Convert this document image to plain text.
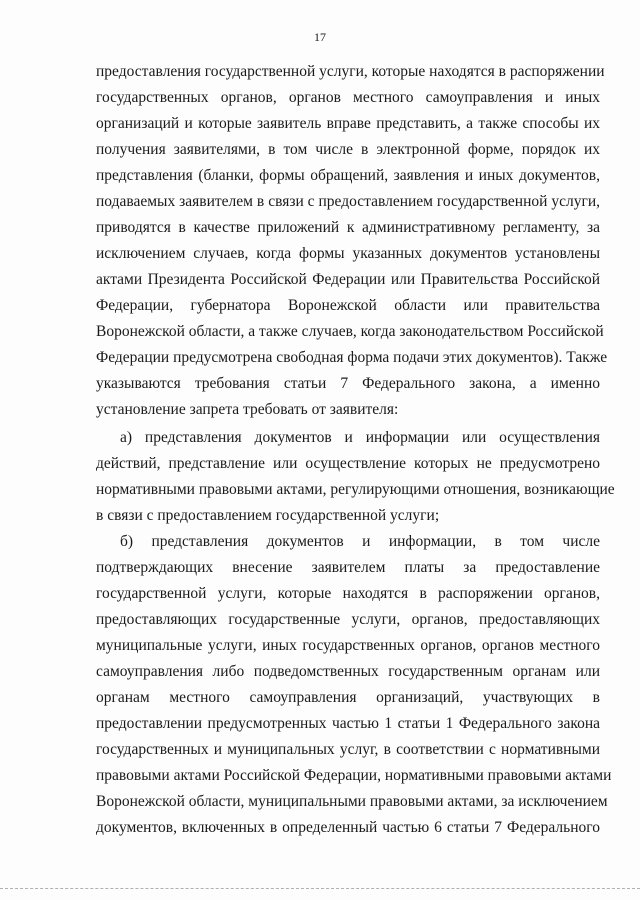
17
предоставления государственной услуги, которые находятся в распоряжении
государственных органов, органов местного самоуправления и иных
организаций и которые заявитель вправе представить, а также способы их
получения заявителями, в том числе в электронной форме, порядок их
представления (бланки, формы обращений, заявления и иных документов,
подаваемых заявителем в связи с предоставлением государственной услуги,
приводятся в качестве приложений к административному регламенту, за
исключением случаев, когда формы указанных документов установлены
актами Президента Российской Федерации или Правительства Российской
Федерации, губернатора Воронежской области или правительства
Воронежской области, а также случаев, когда законодательством Российской
Федерации предусмотрена свободная форма подачи этих документов). Также
указываются требования статьи 7 Федерального закона, а именно
установление запрета требовать от заявителя:
а) представления документов и информации или осуществления
действий, представление или осуществление которых не предусмотрено
нормативными правовыми актами, регулирующими отношения, возникающие
в связи с предоставлением государственной услуги;
б) представления документов и информации, в том числе
подтверждающих внесение заявителем платы за предоставление
государственной услуги, которые находятся в распоряжении органов,
предоставляющих государственные услуги, органов, предоставляющих
муниципальные услуги, иных государственных органов, органов местного
самоуправления либо подведомственных государственным органам или
органам местного самоуправления организаций, участвующих в
предоставлении предусмотренных частью 1 статьи 1 Федерального закона
государственных и муниципальных услуг, в соответствии с нормативными
правовыми актами Российской Федерации, нормативными правовыми актами
Воронежской области, муниципальными правовыми актами, за исключением
документов, включенных в определенный частью 6 статьи 7 Федерального
